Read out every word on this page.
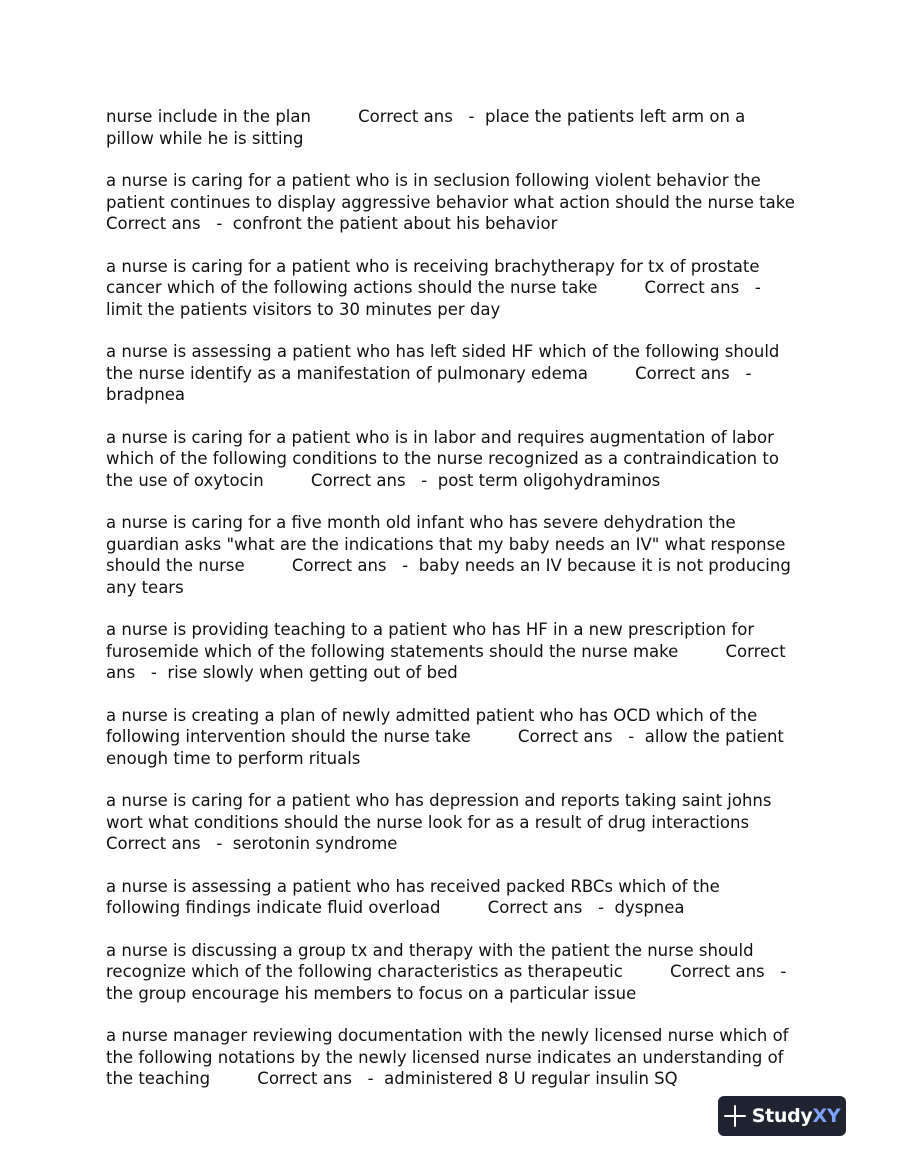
nurse include in the plan         Correct ans   -  place the patients left arm on a pillow while he is sitting

a nurse is caring for a patient who is in seclusion following violent behavior the patient continues to display aggressive behavior what action should the nurse take         Correct ans   -  confront the patient about his behavior

a nurse is caring for a patient who is receiving brachytherapy for tx of prostate cancer which of the following actions should the nurse take         Correct ans   -  limit the patients visitors to 30 minutes per day

a nurse is assessing a patient who has left sided HF which of the following should the nurse identify as a manifestation of pulmonary edema         Correct ans   -  bradpnea

a nurse is caring for a patient who is in labor and requires augmentation of labor which of the following conditions to the nurse recognized as a contraindication to the use of oxytocin         Correct ans   -  post term oligohydraminos

a nurse is caring for a five month old infant who has severe dehydration the guardian asks "what are the indications that my baby needs an IV" what response should the nurse         Correct ans   -  baby needs an IV because it is not producing any tears

a nurse is providing teaching to a patient who has HF in a new prescription for furosemide which of the following statements should the nurse make         Correct ans   -  rise slowly when getting out of bed

a nurse is creating a plan of newly admitted patient who has OCD which of the following intervention should the nurse take         Correct ans   -  allow the patient enough time to perform rituals

a nurse is caring for a patient who has depression and reports taking saint johns wort what conditions should the nurse look for as a result of drug interactions         Correct ans   -  serotonin syndrome

a nurse is assessing a patient who has received packed RBCs which of the following findings indicate fluid overload         Correct ans   -  dyspnea

a nurse is discussing a group tx and therapy with the patient the nurse should recognize which of the following characteristics as therapeutic         Correct ans   -  the group encourage his members to focus on a particular issue

a nurse manager reviewing documentation with the newly licensed nurse which of the following notations by the newly licensed nurse indicates an understanding of the teaching         Correct ans   -  administered 8 U regular insulin SQ

StudyXY
